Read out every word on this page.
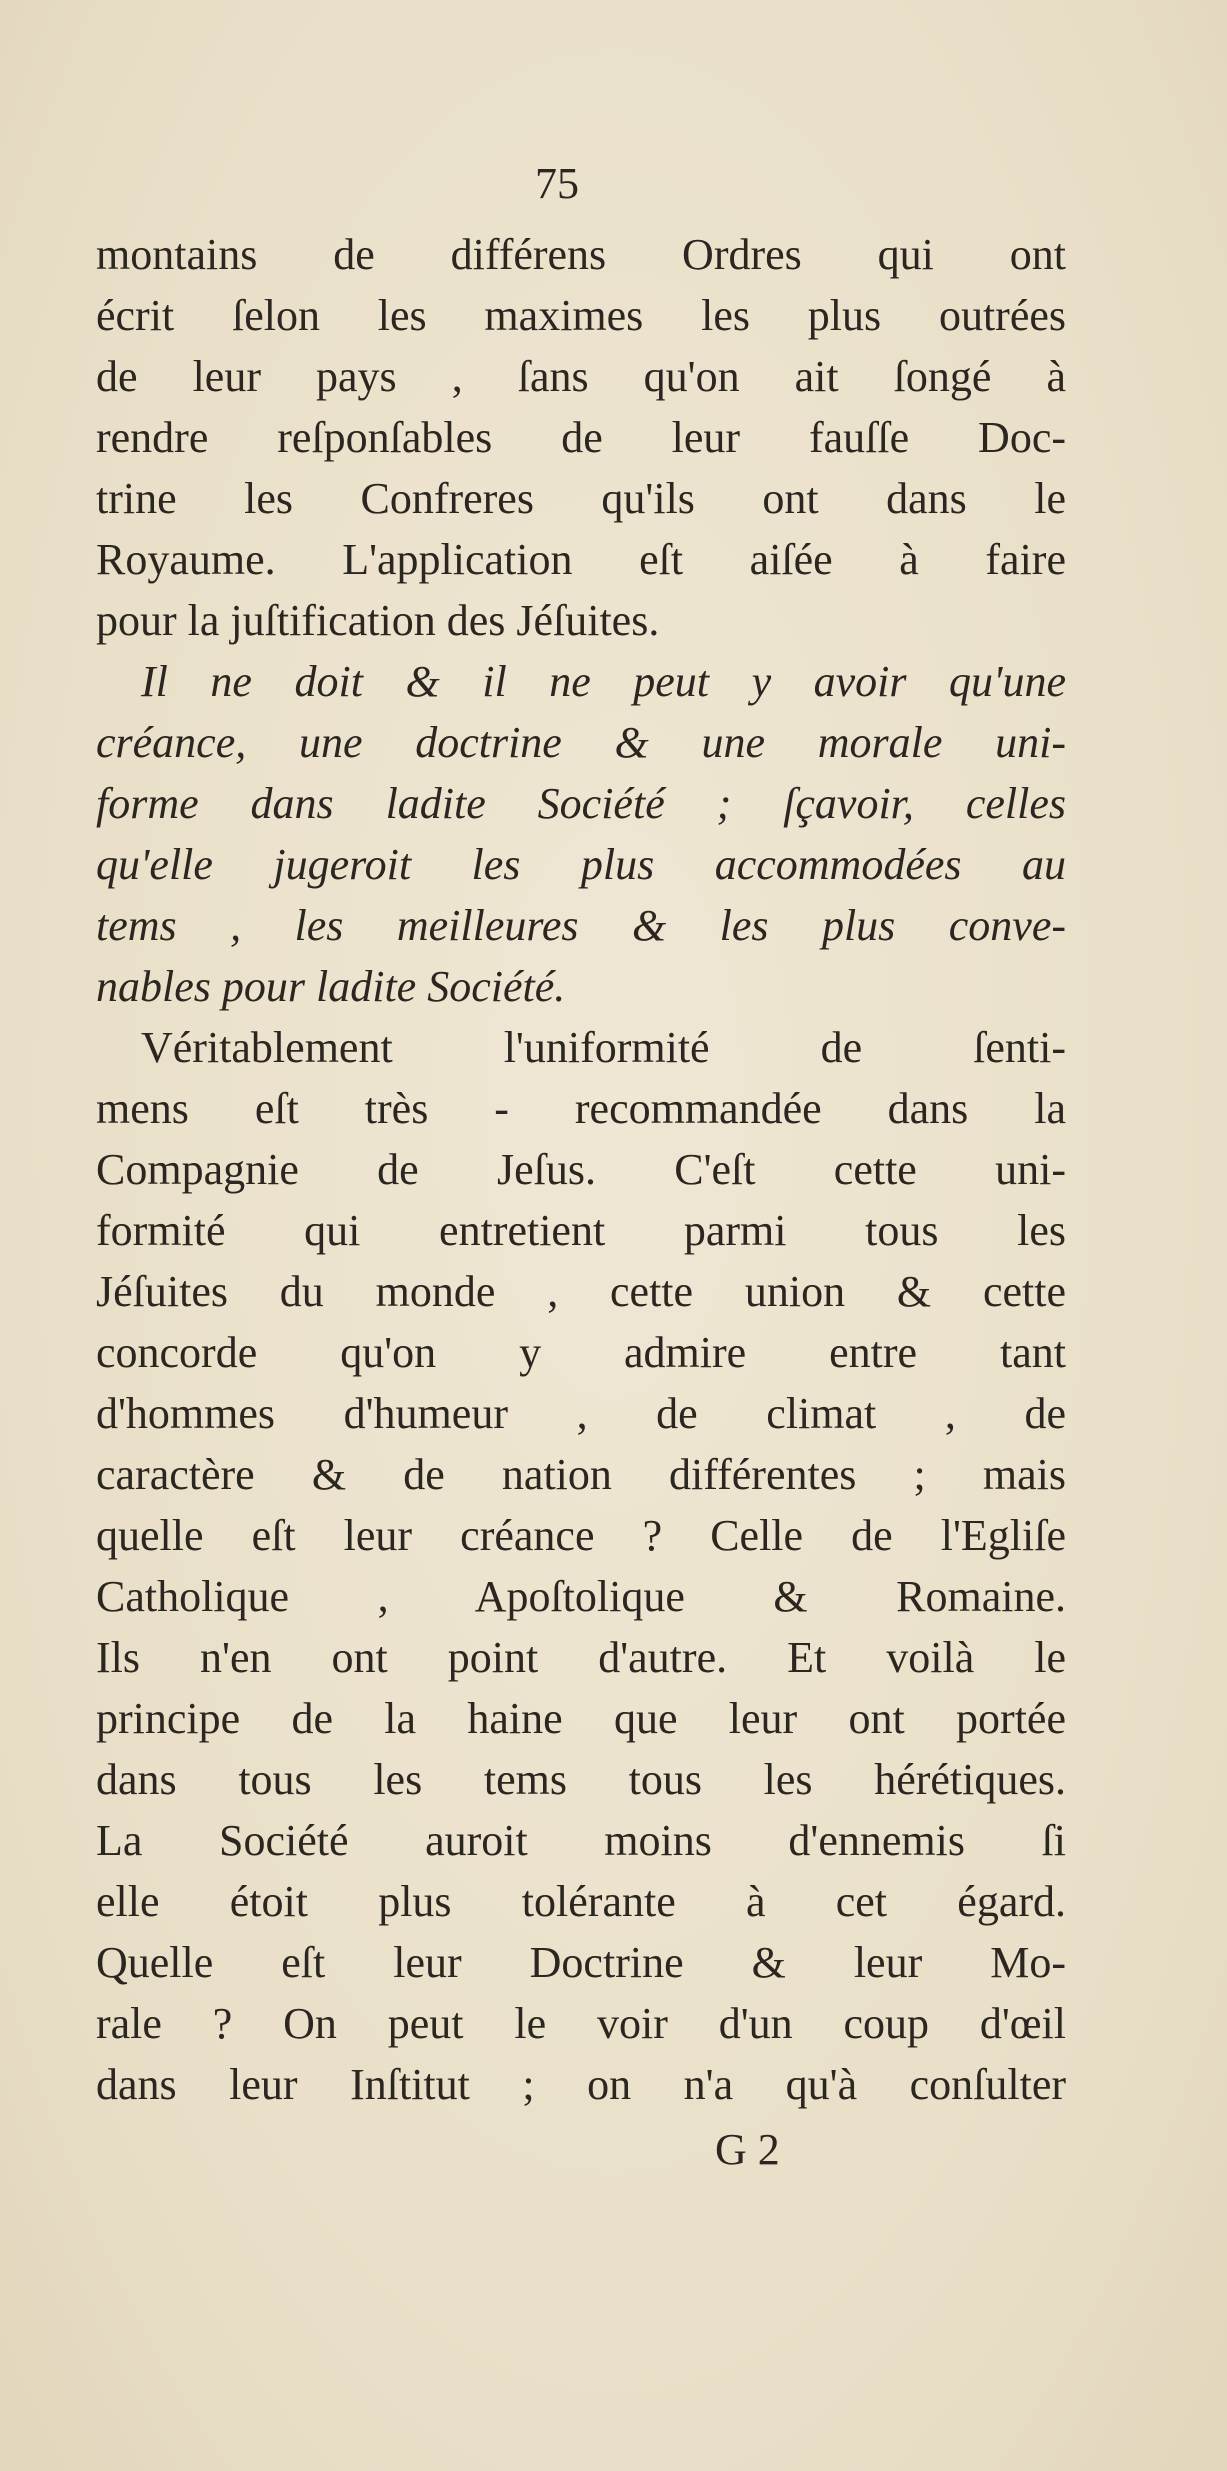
75
montains de différens Ordres qui ont
écrit ſelon les maximes les plus outrées
de leur pays , ſans qu'on ait ſongé à
rendre reſponſables de leur fauſſe Doc-
trine les Confreres qu'ils ont dans le
Royaume. L'application eſt aiſée à faire
pour la juſtification des Jéſuites.
Il ne doit & il ne peut y avoir qu'une
créance, une doctrine & une morale uni-
forme dans ladite Société ; ſçavoir, celles
qu'elle jugeroit les plus accommodées au
tems , les meilleures & les plus conve-
nables pour ladite Société.
Véritablement l'uniformité de ſenti-
mens eſt très - recommandée dans la
Compagnie de Jeſus. C'eſt cette uni-
formité qui entretient parmi tous les
Jéſuites du monde , cette union & cette
concorde qu'on y admire entre tant
d'hommes d'humeur , de climat , de
caractère & de nation différentes ; mais
quelle eſt leur créance ? Celle de l'Egliſe
Catholique , Apoſtolique & Romaine.
Ils n'en ont point d'autre. Et voilà le
principe de la haine que leur ont portée
dans tous les tems tous les hérétiques.
La Société auroit moins d'ennemis ſi
elle étoit plus tolérante à cet égard.
Quelle eſt leur Doctrine & leur Mo-
rale ? On peut le voir d'un coup d'œil
dans leur Inſtitut ; on n'a qu'à conſulter
G 2
